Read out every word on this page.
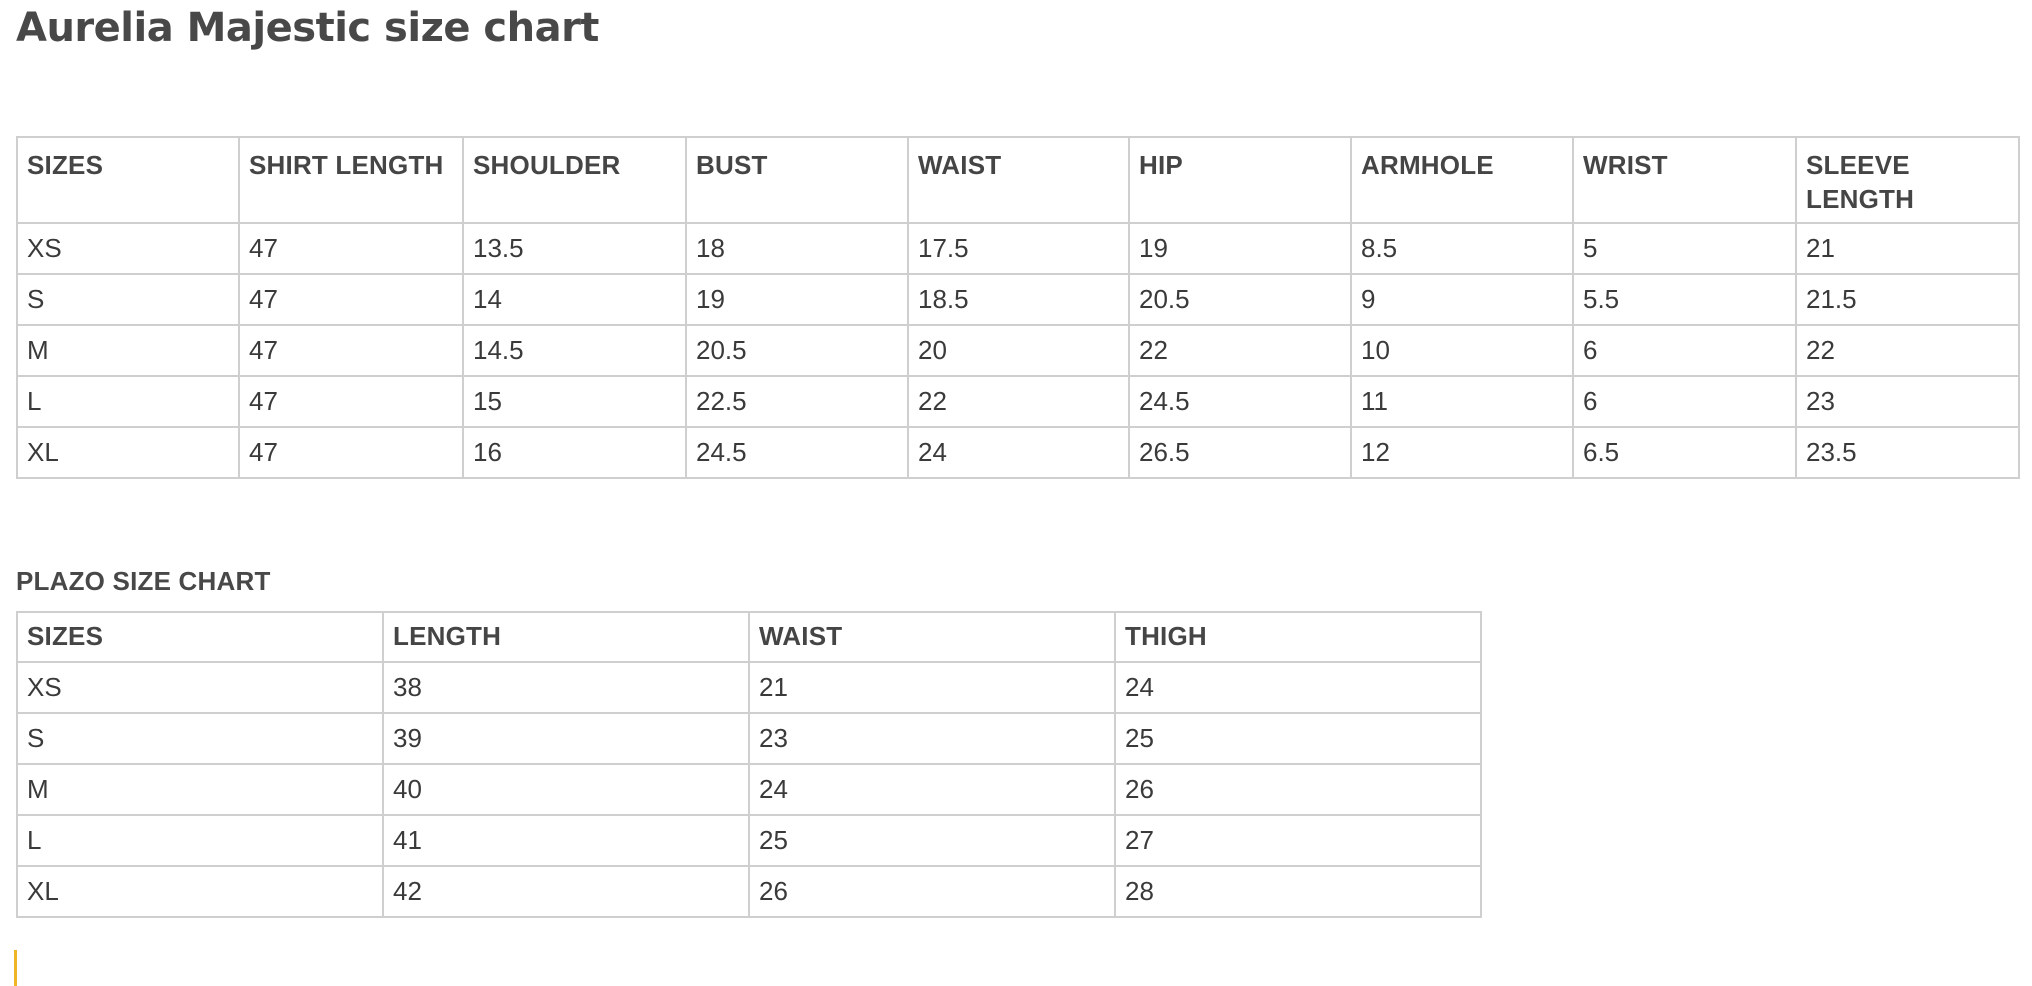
Aurelia Majestic size chart
SIZES	SHIRT LENGTH	SHOULDER	BUST	WAIST	HIP	ARMHOLE	WRIST	SLEEVE LENGTH
XS	47	13.5	18	17.5	19	8.5	5	21
S	47	14	19	18.5	20.5	9	5.5	21.5
M	47	14.5	20.5	20	22	10	6	22
L	47	15	22.5	22	24.5	11	6	23
XL	47	16	24.5	24	26.5	12	6.5	23.5
PLAZO SIZE CHART
SIZES	LENGTH	WAIST	THIGH
XS	38	21	24
S	39	23	25
M	40	24	26
L	41	25	27
XL	42	26	28
